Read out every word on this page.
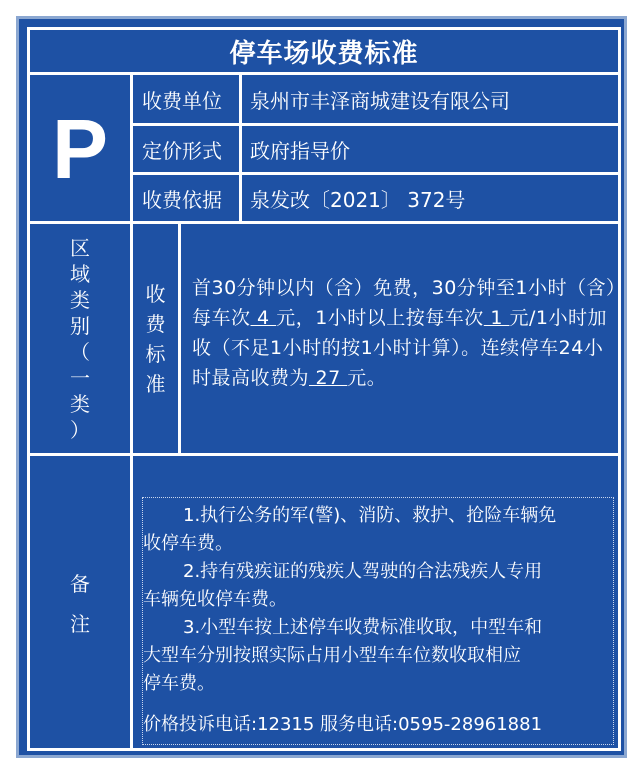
停车场收费标准
P
收费单位 泉州市丰泽商城建设有限公司
定价形式 政府指导价
收费依据 泉发改〔2021〕 372号
区
域
类
别
（
一
类
）
收
费
标
准
首30分钟以内（含）免费，30分钟至1小时（含）每车次 4 元，1小时以上按每车次 1 元/1小时加收（不足1小时的按1小时计算）。连续停车24小时最高收费为 27 元。
备
注
1.执行公务的军(警)、消防、救护、抢险车辆免
收停车费。
2.持有残疾证的残疾人驾驶的合法残疾人专用
车辆免收停车费。
3.小型车按上述停车收费标准收取，中型车和
大型车分别按照实际占用小型车车位数收取相应
停车费。
价格投诉电话:12315 服务电话:0595-28961881
